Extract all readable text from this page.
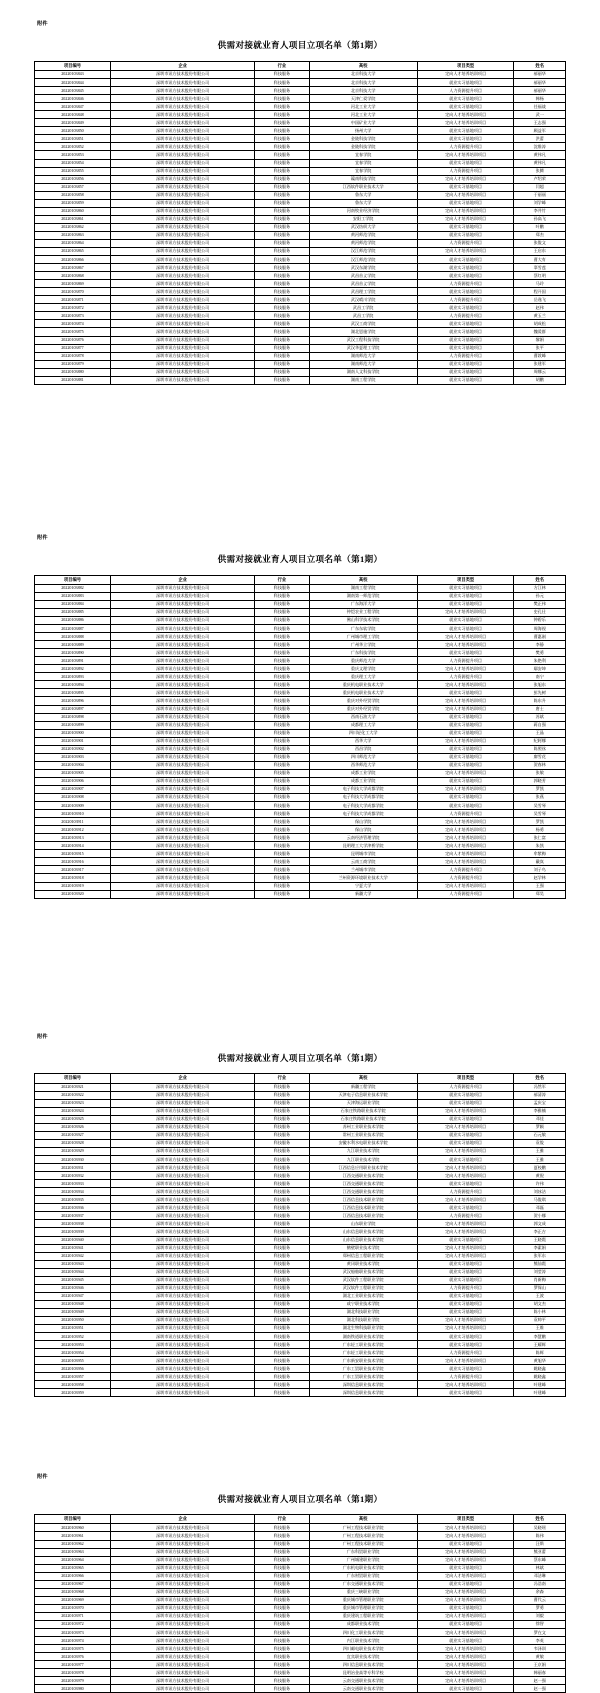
附件
供需对接就业育人项目立项名单（第1期）
项目编号	企业	行业	高校	项目类型	姓名
20220103843	深圳市讯方技术股份有限公司	科技服务	北京科技大学	定向人才培养培训项目	郝丽华
20220103844	深圳市讯方技术股份有限公司	科技服务	北京科技大学	就业实习基地项目	郝丽华
20220103845	深圳市讯方技术股份有限公司	科技服务	北京科技大学	人力资源提升项目	郝丽华
20220103846	深圳市讯方技术股份有限公司	科技服务	天津仁爱学院	就业实习基地项目	韩杨
20220103847	深圳市讯方技术股份有限公司	科技服务	河北工业大学	就业实习基地项目	任福战
20220103848	深圳市讯方技术股份有限公司	科技服务	河北工业大学	定向人才培养培训项目	武一
20220103849	深圳市讯方技术股份有限公司	科技服务	中国矿业大学	定向人才培养培训项目	王志强
20220103850	深圳市讯方技术股份有限公司	科技服务	扬州大学	就业实习基地项目	顾益军
20220103851	深圳市讯方技术股份有限公司	科技服务	金陵科技学院	就业实习基地项目	洪蕾
20220103852	深圳市讯方技术股份有限公司	科技服务	金陵科技学院	人力资源提升项目	沈维涛
20220103853	深圳市讯方技术股份有限公司	科技服务	宜春学院	定向人才培养培训项目	黄伟凡
20220103854	深圳市讯方技术股份有限公司	科技服务	宜春学院	就业实习基地项目	黄伟凡
20220103855	深圳市讯方技术股份有限公司	科技服务	宜春学院	人力资源提升项目	张腾
20220103856	深圳市讯方技术股份有限公司	科技服务	赣南科技学院	定向人才培养培训项目	卢绍荣
20220103857	深圳市讯方技术股份有限公司	科技服务	江西软件职业技术大学	就业实习基地项目	闫超
20220103858	深圳市讯方技术股份有限公司	科技服务	鲁东大学	定向人才培养培训项目	于丽丽
20220103859	深圳市讯方技术股份有限公司	科技服务	鲁东大学	就业实习基地项目	刘学峰
20220103860	深圳市讯方技术股份有限公司	科技服务	河南牧业经济学院	定向人才培养培训项目	李井竹
20220103861	深圳市讯方技术股份有限公司	科技服务	安阳工学院	定向人才培养培训项目	孙高飞
20220103862	深圳市讯方技术股份有限公司	科技服务	武汉纺织大学	就业实习基地项目	叶鹏
20220103863	深圳市讯方技术股份有限公司	科技服务	黄河师范学院	就业实习基地项目	郑杰
20220103864	深圳市讯方技术股份有限公司	科技服务	黄河师范学院	人力资源提升项目	张俊文
20220103865	深圳市讯方技术股份有限公司	科技服务	汉江师范学院	定向人才培养培训项目	王启东
20220103866	深圳市讯方技术股份有限公司	科技服务	汉江师范学院	就业实习基地项目	曹大有
20220103867	深圳市讯方技术股份有限公司	科技服务	武汉东湖学院	就业实习基地项目	辜雪莲
20220103868	深圳市讯方技术股份有限公司	科技服务	武昌首义学院	就业实习基地项目	蔡红明
20220103869	深圳市讯方技术股份有限公司	科技服务	武昌首义学院	人力资源提升项目	马玲
20220103870	深圳市讯方技术股份有限公司	科技服务	武昌理工学院	就业实习基地项目	程开国
20220103871	深圳市讯方技术股份有限公司	科技服务	武汉晴川学院	人力资源提升项目	岳逸飞
20220103872	深圳市讯方技术股份有限公司	科技服务	武昌工学院	就业实习基地项目	赵伟
20220103873	深圳市讯方技术股份有限公司	科技服务	武昌工学院	人力资源提升项目	黄玉兰
20220103874	深圳市讯方技术股份有限公司	科技服务	武汉工商学院	就业实习基地项目	胡成松
20220103875	深圳市讯方技术股份有限公司	科技服务	湖北恩施学院	就业实习基地项目	魏爱群
20220103876	深圳市讯方技术股份有限公司	科技服务	武汉工程科技学院	就业实习基地项目	黎娟
20220103877	深圳市讯方技术股份有限公司	科技服务	武汉华夏理工学院	就业实习基地项目	张平
20220103878	深圳市讯方技术股份有限公司	科技服务	湖南师范大学	人力资源提升项目	曹敦峰
20220103879	深圳市讯方技术股份有限公司	科技服务	湖南师范大学	就业实习基地项目	张建军
20220103880	深圳市讯方技术股份有限公司	科技服务	湖南人文科技学院	就业实习基地项目	周娜云
20220103881	深圳市讯方技术股份有限公司	科技服务	湖南工程学院	就业实习基地项目	胡鹏
附件
供需对接就业育人项目立项名单（第1期）
项目编号	企业	行业	高校	项目类型	姓名
20220103882	深圳市讯方技术股份有限公司	科技服务	湖南工程学院	就业实习基地项目	方江林
20220103883	深圳市讯方技术股份有限公司	科技服务	湖南第一师范学院	就业实习基地项目	孙元
20220103884	深圳市讯方技术股份有限公司	科技服务	广东海洋大学	就业实习基地项目	樊正伟
20220103885	深圳市讯方技术股份有限公司	科技服务	仲恺农业工程学院	定向人才培养培训项目	史孔仕
20220103886	深圳市讯方技术股份有限公司	科技服务	佛山科学技术学院	就业实习基地项目	钟碧乐
20220103887	深圳市讯方技术股份有限公司	科技服务	广东东软学院	就业实习基地项目	周海视
20220103888	深圳市讯方技术股份有限公司	科技服务	广州城市理工学院	定向人才培养培训项目	曹惠刚
20220103889	深圳市讯方技术股份有限公司	科技服务	广州华立学院	定向人才培养培训项目	李静
20220103890	深圳市讯方技术股份有限公司	科技服务	广东科技学院	就业实习基地项目	樊勇
20220103891	深圳市讯方技术股份有限公司	科技服务	重庆师范大学	人力资源提升项目	朱艳利
20220103892	深圳市讯方技术股份有限公司	科技服务	重庆文理学院	定向人才培养培训项目	鄢安坤
20220103893	深圳市讯方技术股份有限公司	科技服务	重庆理工大学	人力资源提升项目	南宁
20220103894	深圳市讯方技术股份有限公司	科技服务	重庆机电职业技术大学	定向人才培养培训项目	张旭东
20220103895	深圳市讯方技术股份有限公司	科技服务	重庆机电职业技术大学	就业实习基地项目	彭先树
20220103896	深圳市讯方技术股份有限公司	科技服务	重庆对外经贸学院	定向人才培养培训项目	陈东升
20220103897	深圳市讯方技术股份有限公司	科技服务	重庆对外经贸学院	定向人才培养培训项目	唐士
20220103898	深圳市讯方技术股份有限公司	科技服务	西南石油大学	就业实习基地项目	苏斌
20220103899	深圳市讯方技术股份有限公司	科技服务	成都理工大学	就业实习基地项目	蒋自强
20220103900	深圳市讯方技术股份有限公司	科技服务	四川轻化工大学	就业实习基地项目	王晶
20220103901	深圳市讯方技术股份有限公司	科技服务	西华大学	定向人才培养培训项目	纪阿娜
20220103902	深圳市讯方技术股份有限公司	科技服务	西昌学院	就业实习基地项目	陈照丝
20220103903	深圳市讯方技术股份有限公司	科技服务	四川师范大学	就业实习基地项目	廖雪花
20220103904	深圳市讯方技术股份有限公司	科技服务	西华师范大学	就业实习基地项目	贺春林
20220103905	深圳市讯方技术股份有限公司	科技服务	成都工业学院	定向人才培养培训项目	张敏
20220103906	深圳市讯方技术股份有限公司	科技服务	成都工业学院	就业实习基地项目	郭晓芳
20220103907	深圳市讯方技术股份有限公司	科技服务	电子科技大学成都学院	定向人才培养培训项目	罗凯
20220103908	深圳市讯方技术股份有限公司	科技服务	电子科技大学成都学院	就业实习基地项目	张燕
20220103909	深圳市讯方技术股份有限公司	科技服务	电子科技大学成都学院	就业实习基地项目	吴雪琴
20220103910	深圳市讯方技术股份有限公司	科技服务	电子科技大学成都学院	人力资源提升项目	吴雪琴
20220103911	深圳市讯方技术股份有限公司	科技服务	保山学院	定向人才培养培训项目	罗凯
20220103912	深圳市讯方技术股份有限公司	科技服务	保山学院	定向人才培养培训项目	杨勇
20220103913	深圳市讯方技术股份有限公司	科技服务	云南经济管理学院	定向人才培养培训项目	张仁富
20220103914	深圳市讯方技术股份有限公司	科技服务	昆明理工大学津桥学院	定向人才培养培训项目	朱凯
20220103915	深圳市讯方技术股份有限公司	科技服务	昆明城市学院	定向人才培养培训项目	牟紫梅
20220103916	深圳市讯方技术股份有限公司	科技服务	云南工商学院	定向人才培养培训项目	戴岚
20220103917	深圳市讯方技术股份有限公司	科技服务	兰州城市学院	人力资源提升项目	刘子鸟
20220103918	深圳市讯方技术股份有限公司	科技服务	兰州资源环境职业技术大学	人力资源提升项目	赵学林
20220103919	深圳市讯方技术股份有限公司	科技服务	宁夏大学	定向人才培养培训项目	王强
20220103920	深圳市讯方技术股份有限公司	科技服务	新疆大学	人力资源提升项目	郑昊
附件
供需对接就业育人项目立项名单（第1期）
项目编号	企业	行业	高校	项目类型	姓名
20220103921	深圳市讯方技术股份有限公司	科技服务	新疆工程学院	人力资源提升项目	冯然军
20220103922	深圳市讯方技术股份有限公司	科技服务	天津电子信息职业技术学院	就业实习基地项目	郝清涛
20220103923	深圳市讯方技术股份有限公司	科技服务	天津海运职业学院	就业实习基地项目	孟庆宝
20220103924	深圳市讯方技术股份有限公司	科技服务	石家庄铁路职业技术学院	定向人才培养培训项目	李雅楠
20220103925	深圳市讯方技术股份有限公司	科技服务	石家庄铁路职业技术学院	就业实习基地项目	邓佳
20220103926	深圳市讯方技术股份有限公司	科技服务	苏州工业职业技术学院	定向人才培养培训项目	罗颖
20220103927	深圳市讯方技术股份有限公司	科技服务	常州工业职业技术学院	就业实习基地项目	石元敏
20220103928	深圳市讯方技术股份有限公司	科技服务	安徽水利水电职业技术学院	就业实习基地项目	袁俊
20220103929	深圳市讯方技术股份有限公司	科技服务	九江职业技术学院	定向人才培养培训项目	王雅
20220103930	深圳市讯方技术股份有限公司	科技服务	九江职业技术学院	就业实习基地项目	王雅
20220103931	深圳市讯方技术股份有限公司	科技服务	江西信息应用职业技术学院	定向人才培养培训项目	夏校鹏
20220103932	深圳市讯方技术股份有限公司	科技服务	江西交通职业技术学院	定向人才培养培训项目	黄倪
20220103933	深圳市讯方技术股份有限公司	科技服务	江西交通职业技术学院	就业实习基地项目	许伟
20220103934	深圳市讯方技术股份有限公司	科技服务	江西交通职业技术学院	人力资源提升项目	刘冰洁
20220103935	深圳市讯方技术股份有限公司	科技服务	江西信息技术职业学院	定向人才培养培训项目	马俊琪
20220103936	深圳市讯方技术股份有限公司	科技服务	江西信息技术职业学院	就业实习基地项目	邓磊
20220103937	深圳市讯方技术股份有限公司	科技服务	江西信息技术职业学院	人力资源提升项目	贺小娜
20220103938	深圳市讯方技术股份有限公司	科技服务	山东职业学院	定向人才培养培训项目	郭文成
20220103939	深圳市讯方技术股份有限公司	科技服务	山东信息职业技术学院	定向人才培养培训项目	李正吉
20220103940	深圳市讯方技术股份有限公司	科技服务	山东信息职业技术学院	就业实习基地项目	王晓霞
20220103941	深圳市讯方技术股份有限公司	科技服务	鹤壁职业技术学院	定向人才培养培训项目	李素娟
20220103942	深圳市讯方技术股份有限公司	科技服务	郑州信息工程职业学院	定向人才培养培训项目	张军东
20220103943	深圳市讯方技术股份有限公司	科技服务	黄冈职业技术学院	就业实习基地项目	熊仙霞
20220103944	深圳市讯方技术股份有限公司	科技服务	武汉船舶职业技术学院	就业实习基地项目	刘莹涛
20220103945	深圳市讯方技术股份有限公司	科技服务	武汉软件工程职业学院	就业实习基地项目	肖新梅
20220103946	深圳市讯方技术股份有限公司	科技服务	武汉软件工程职业学院	人力资源提升项目	罗保山
20220103947	深圳市讯方技术股份有限公司	科技服务	湖北工业职业技术学院	就业实习基地项目	王波
20220103948	深圳市讯方技术股份有限公司	科技服务	咸宁职业技术学院	就业实习基地项目	胡文杰
20220103949	深圳市讯方技术股份有限公司	科技服务	湖北科技职业学院	就业实习基地项目	陈小林
20220103950	深圳市讯方技术股份有限公司	科技服务	湖北科技职业学院	定向人才培养培训项目	袁帅平
20220103951	深圳市讯方技术股份有限公司	科技服务	湖北生物科技职业学院	定向人才培养培训项目	王维
20220103952	深圳市讯方技术股份有限公司	科技服务	湖南铁道职业技术学院	就业实习基地项目	李慧鹏
20220103953	深圳市讯方技术股份有限公司	科技服务	广东轻工职业技术学院	就业实习基地项目	王耀辉
20220103954	深圳市讯方技术股份有限公司	科技服务	广东轻工职业技术学院	人力资源提升项目	陈辉
20220103955	深圳市讯方技术股份有限公司	科技服务	广东新安职业技术学院	定向人才培养培训项目	黄旭华
20220103956	深圳市讯方技术股份有限公司	科技服务	广东工贸职业技术学院	就业实习基地项目	姚晓鑫
20220103957	深圳市讯方技术股份有限公司	科技服务	广东工贸职业技术学院	人力资源提升项目	姚晓鑫
20220103958	深圳市讯方技术股份有限公司	科技服务	深圳信息职业技术学院	定向人才培养培训项目	叶建峰
20220103959	深圳市讯方技术股份有限公司	科技服务	深圳信息职业技术学院	就业实习基地项目	叶建峰
附件
供需对接就业育人项目立项名单（第1期）
项目编号	企业	行业	高校	项目类型	姓名
20220103960	深圳市讯方技术股份有限公司	科技服务	广州工程技术职业学院	定向人才培养培训项目	吴晓瑶
20220103961	深圳市讯方技术股份有限公司	科技服务	广州工程技术职业学院	定向人才培养培训项目	陈伟
20220103962	深圳市讯方技术股份有限公司	科技服务	广州工程技术职业学院	就业实习基地项目	汪斯
20220103963	深圳市讯方技术股份有限公司	科技服务	广东科贸职业学院	定向人才培养培训项目	熊亚蕾
20220103964	深圳市讯方技术股份有限公司	科技服务	广州城建职业学院	定向人才培养培训项目	蔡东峰
20220103965	深圳市讯方技术股份有限公司	科技服务	广东机电职业技术学院	就业实习基地项目	林斌
20220103966	深圳市讯方技术股份有限公司	科技服务	广东财贸职业学院	定向人才培养培训项目	邓洁琳
20220103967	深圳市讯方技术股份有限公司	科技服务	广东交通职业技术学院	就业实习基地项目	冯浩南
20220103968	深圳市讯方技术股份有限公司	科技服务	重庆三峡职业学院	定向人才培养培训项目	余森
20220103969	深圳市讯方技术股份有限公司	科技服务	重庆城市管理职业学院	定向人才培养培训项目	曹代云
20220103970	深圳市讯方技术股份有限公司	科技服务	重庆城市管理职业学院	就业实习基地项目	罗勇
20220103971	深圳市讯方技术股份有限公司	科技服务	重庆建筑工程职业学院	定向人才培养培训项目	刘毅
20220103972	深圳市讯方技术股份有限公司	科技服务	成都职业技术学院	就业实习基地项目	徐智
20220103973	深圳市讯方技术股份有限公司	科技服务	四川化工职业技术学院	定向人才培养培训项目	罗在文
20220103974	深圳市讯方技术股份有限公司	科技服务	内江职业技术学院	就业实习基地项目	李英
20220103975	深圳市讯方技术股份有限公司	科技服务	四川邮电职业技术学院	定向人才培养培训项目	韦泽训
20220103976	深圳市讯方技术股份有限公司	科技服务	宜宾职业技术学院	定向人才培养培训项目	黄敏
20220103977	深圳市讯方技术股份有限公司	科技服务	四川信息职业技术学院	定向人才培养培训项目	王京娟
20220103978	深圳市讯方技术股份有限公司	科技服务	昆明冶金高等专科学校	定向人才培养培训项目	韩丽春
20220103979	深圳市讯方技术股份有限公司	科技服务	云南交通职业技术学院	定向人才培养培训项目	赵一强
20220103980	深圳市讯方技术股份有限公司	科技服务	云南交通职业技术学院	就业实习基地项目	赵一强
